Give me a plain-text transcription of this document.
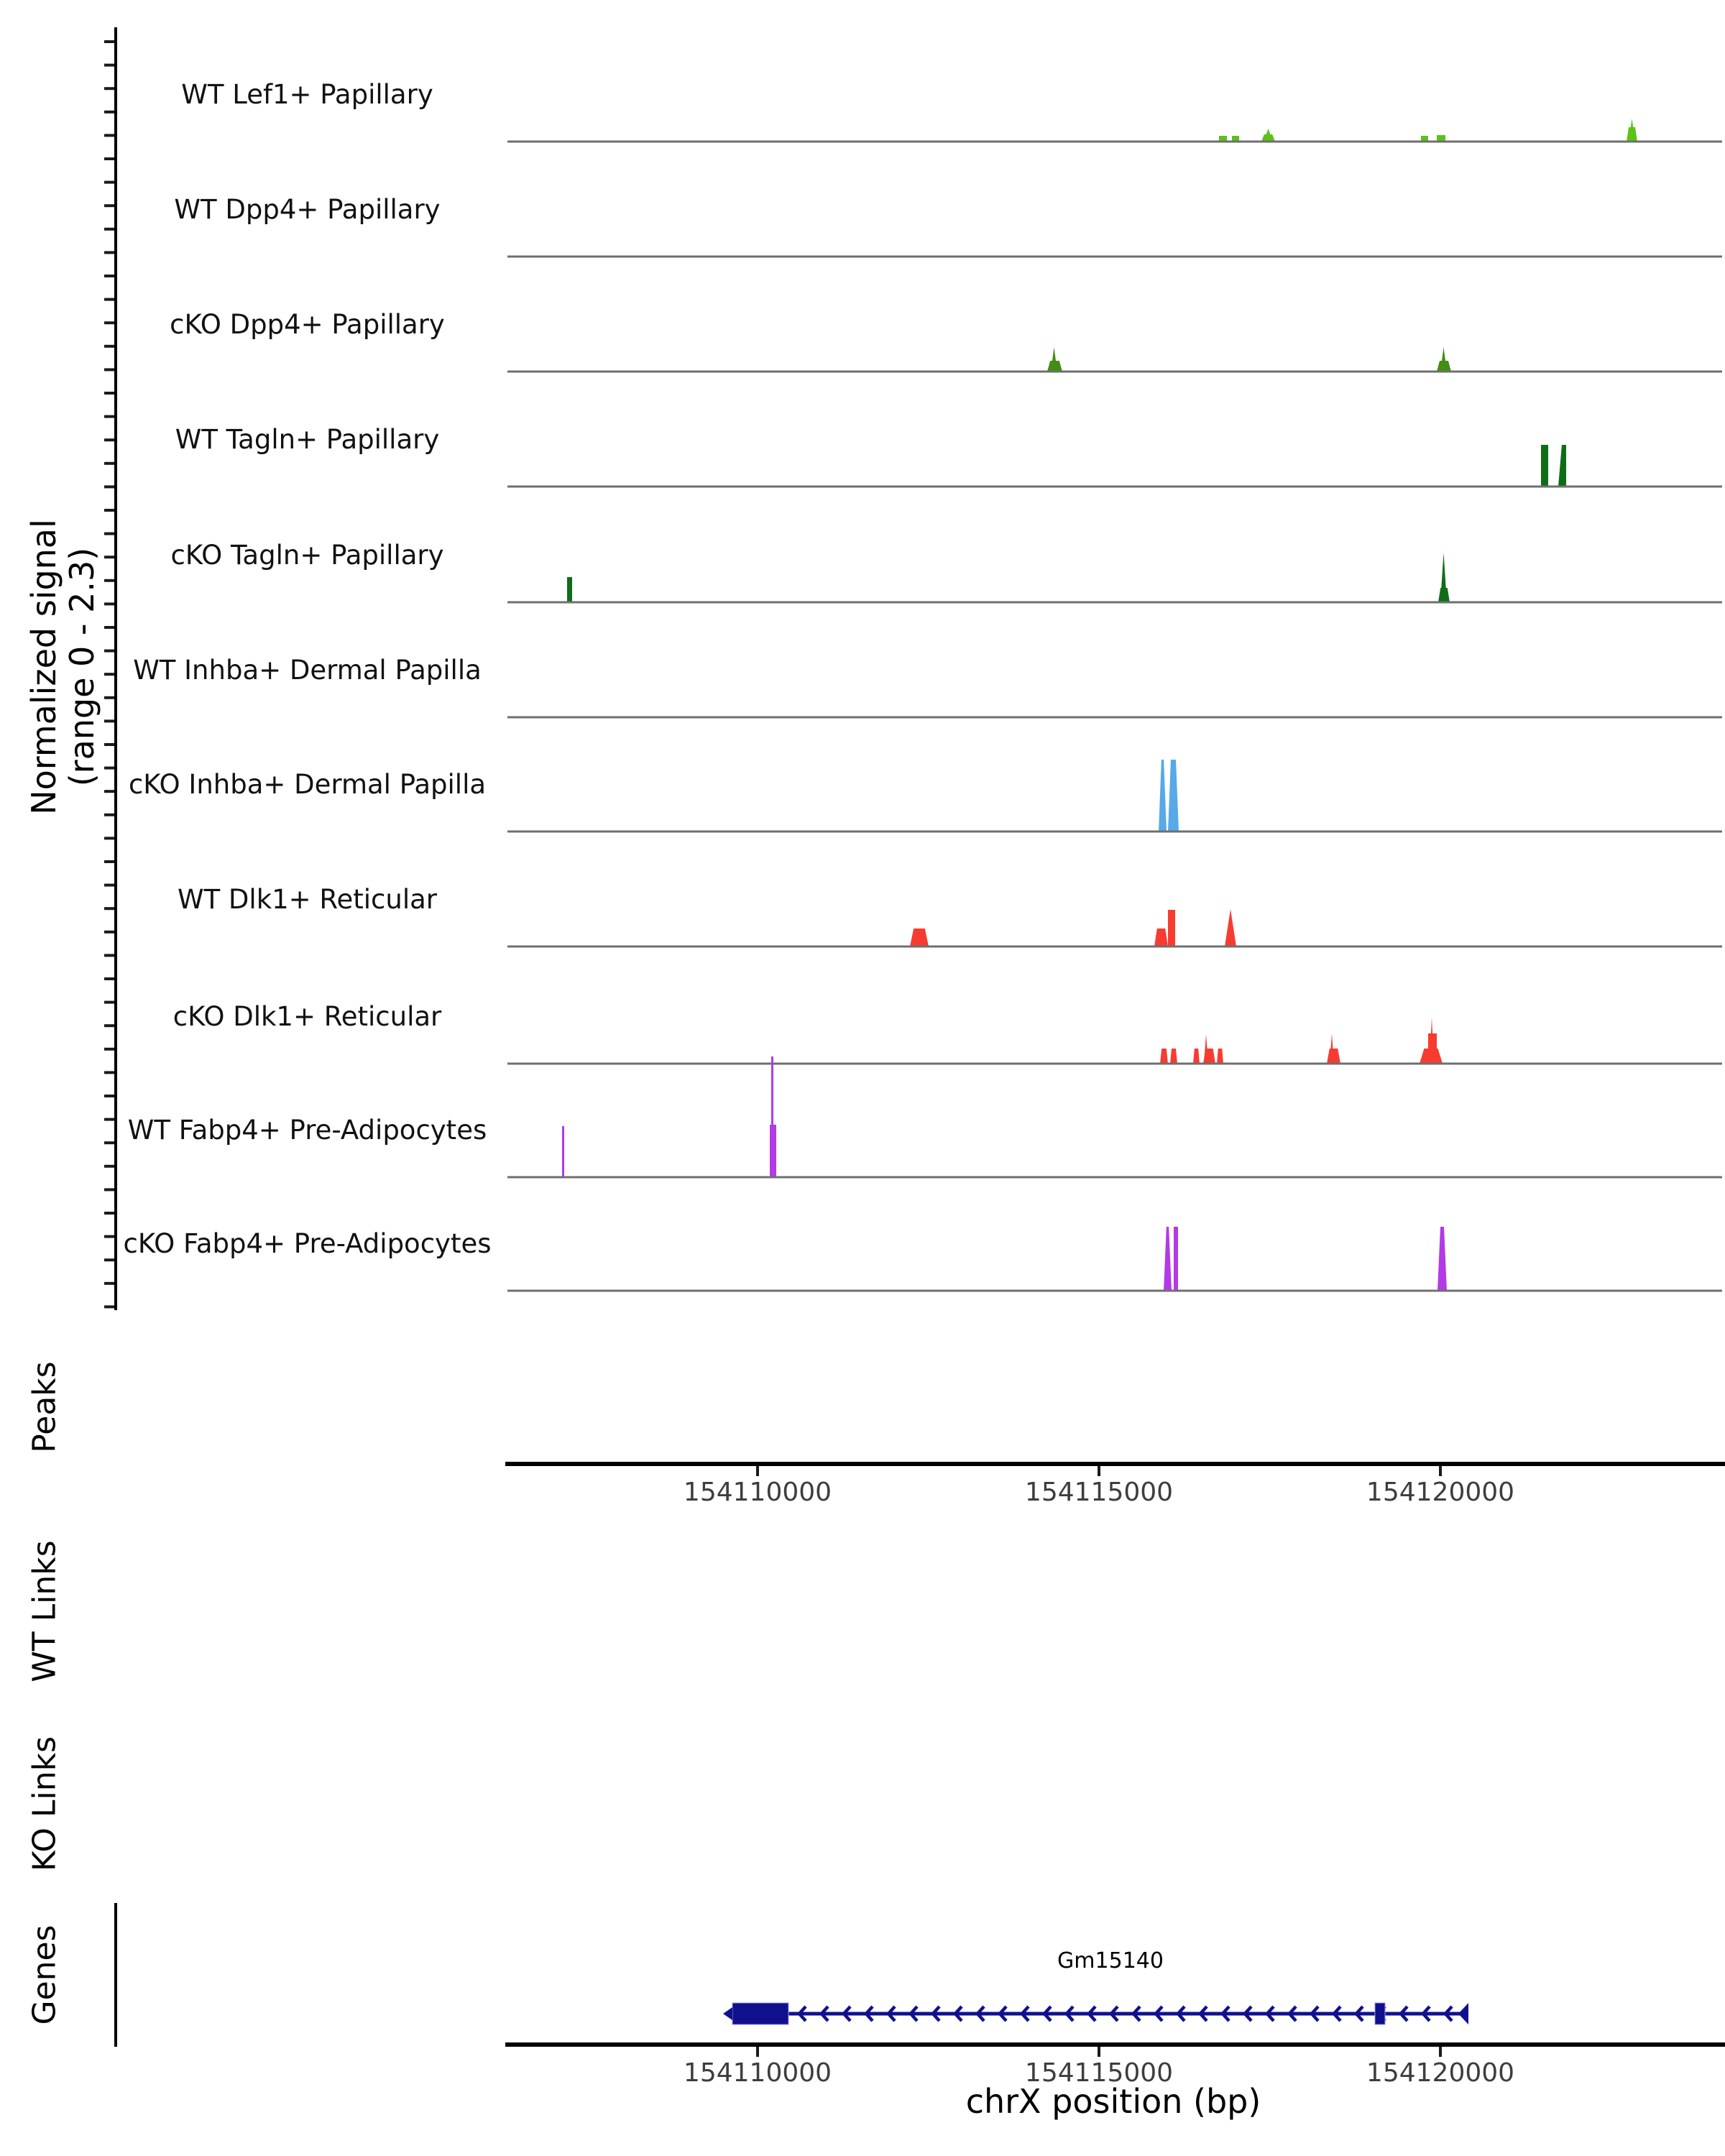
Normalized signal
(range 0 - 2.3)
Peaks
WT Links
KO Links
Genes	Gm15140
chrX position (bp)
WT Lef1+ Papillary
WT Dpp4+ Papillary
cKO Dpp4+ Papillary
WT Tagln+ Papillary
cKO Tagln+ Papillary
WT Inhba+ Dermal Papilla
cKO Inhba+ Dermal Papilla
WT Dlk1+ Reticular
cKO Dlk1+ Reticular
WT Fabp4+ Pre-Adipocytes
cKO Fabp4+ Pre-Adipocytes
154110000	154115000	154120000
154110000	154115000	154120000
